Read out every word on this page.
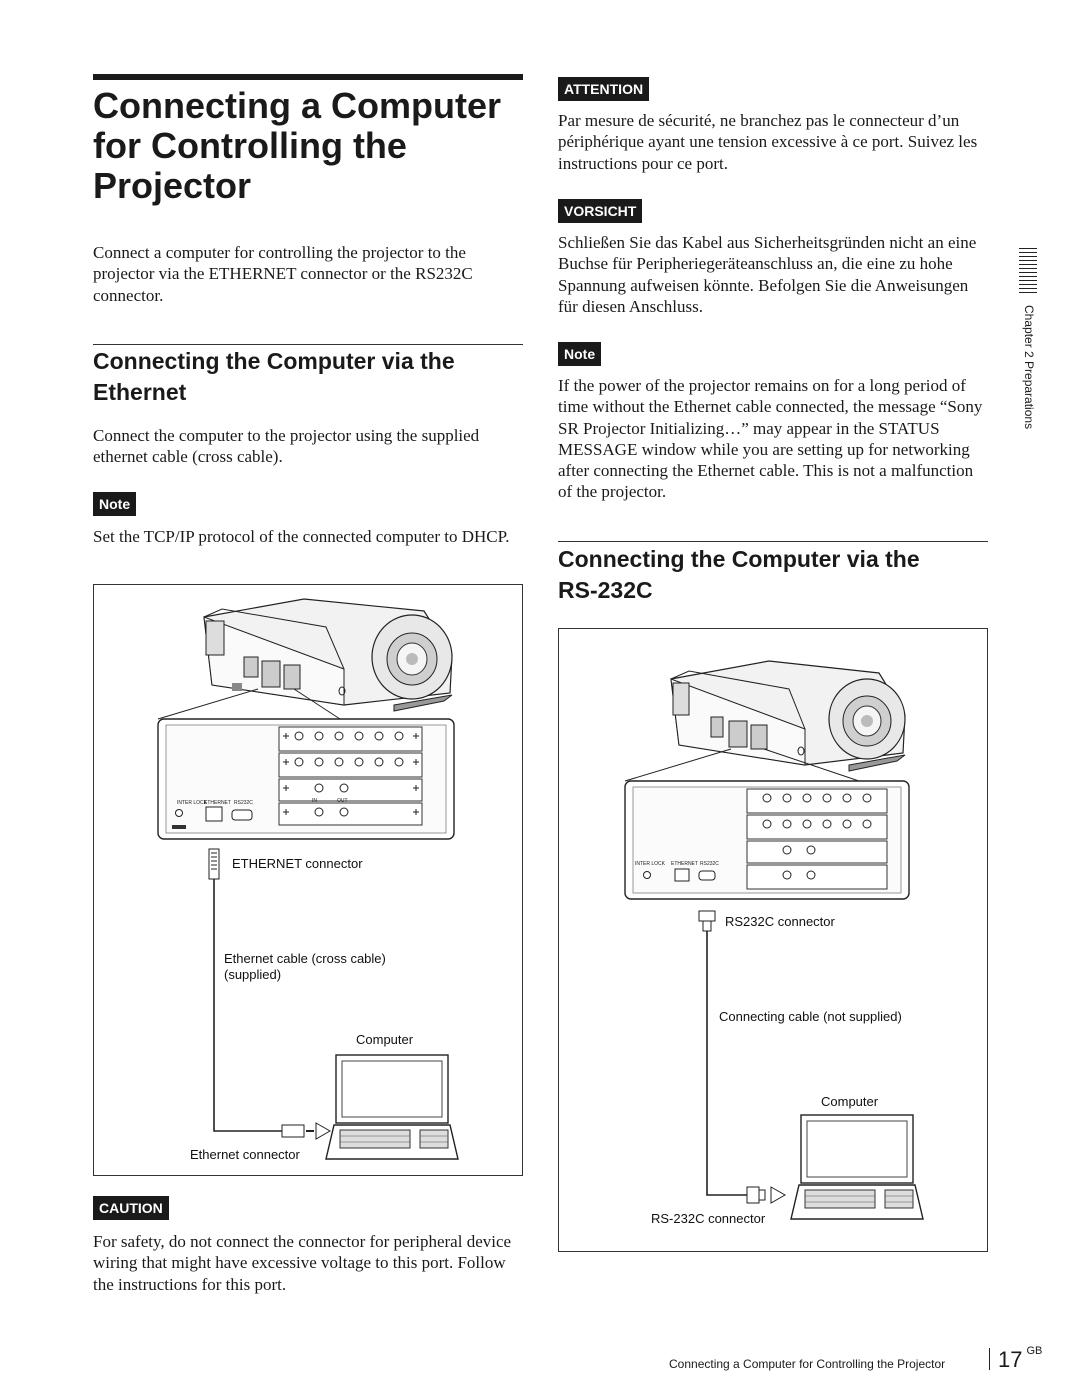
Connecting a Computer for Controlling the Projector

Connect a computer for controlling the projector to the projector via the ETHERNET connector or the RS232C connector.

Connecting the Computer via the Ethernet

Connect the computer to the projector using the supplied ethernet cable (cross cable).

Note

Set the TCP/IP protocol of the connected computer to DHCP.

INTER LOCK
ETHERNET RS232C	IN	OUT
ETHERNET connector
Ethernet cable (cross cable)
(supplied)
Computer
Ethernet connector
CAUTION

For safety, do not connect the connector for peripheral device wiring that might have excessive voltage to this port. Follow the instructions for this port.

ATTENTION

Par mesure de sécurité, ne branchez pas le connecteur d’un périphérique ayant une tension excessive à ce port. Suivez les instructions pour ce port.

VORSICHT

Schließen Sie das Kabel aus Sicherheitsgründen nicht an eine Buchse für Peripheriegeräteanschluss an, die eine zu hohe Spannung aufweisen könnte. Befolgen Sie die Anweisungen für diesen Anschluss.

Note

If the power of the projector remains on for a long period of time without the Ethernet cable connected, the message “Sony SR Projector Initializing…” may appear in the STATUS MESSAGE window while you are setting up for networking after connecting the Ethernet cable. This is not a malfunction of the projector.

Connecting the Computer via the
RS-232C
INTER LOCK ETHERNET RS232C
RS232C connector
Connecting cable (not supplied)
Computer
RS-232C connector
Chapter 2 Preparations
Connecting a Computer for Controlling the Projector 17 $^{GB}$
